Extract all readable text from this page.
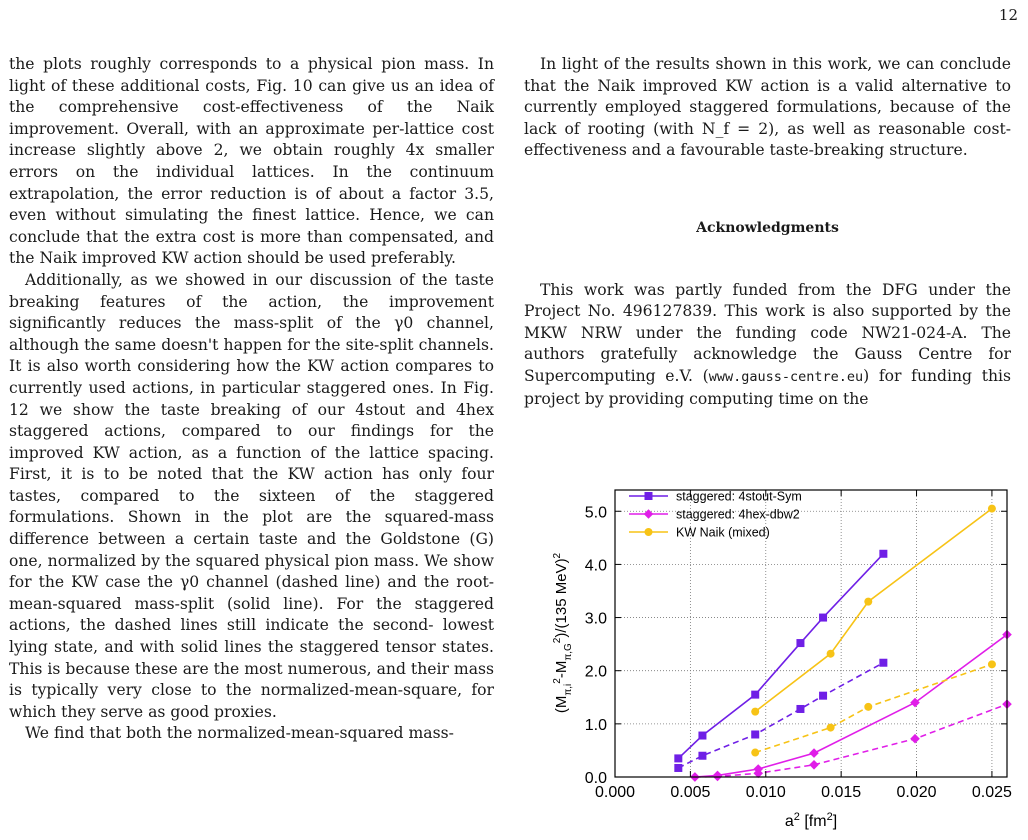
12

the plots roughly corresponds to a physical pion mass. In light of these additional costs, Fig. 10 can give us an idea of the comprehensive cost-effectiveness of the Naik improvement. Overall, with an approximate per-lattice cost increase slightly above 2, we obtain roughly 4x smaller errors on the individual lattices. In the continuum extrapolation, the error reduction is of about a factor 3.5, even without simulating the finest lattice. Hence, we can conclude that the extra cost is more than compensated, and the Naik improved KW action should be used preferably.

Additionally, as we showed in our discussion of the taste breaking features of the action, the improvement significantly reduces the mass-split of the γ0 channel, although the same doesn't happen for the site-split channels. It is also worth considering how the KW action compares to currently used actions, in particular staggered ones. In Fig. 12 we show the taste breaking of our 4stout and 4hex staggered actions, compared to our findings for the improved KW action, as a function of the lattice spacing. First, it is to be noted that the KW action has only four tastes, compared to the sixteen of the staggered formulations. Shown in the plot are the squared-mass difference between a certain taste and the Goldstone (G) one, normalized by the squared physical pion mass. We show for the KW case the γ0 channel (dashed line) and the root-mean-squared mass-split (solid line). For the staggered actions, the dashed lines still indicate the second- lowest lying state, and with solid lines the staggered tensor states. This is because these are the most numerous, and their mass is typically very close to the normalized-mean-square, for which they serve as good proxies.

We find that both the normalized-mean-squared mass-

In light of the results shown in this work, we can conclude that the Naik improved KW action is a valid alternative to currently employed staggered formulations, because of the lack of rooting (with N_f = 2), as well as reasonable cost-effectiveness and a favourable taste-breaking structure.

Acknowledgments

This work was partly funded from the DFG under the Project No. 496127839. This work is also supported by the MKW NRW under the funding code NW21-024-A. The authors gratefully acknowledge the Gauss Centre for Supercomputing e.V. (www.gauss-centre.eu) for funding this project by providing computing time on the

0.000 0.005 0.010 0.015 0.020 0.025
0.0
1.0
2.0
3.0
4.0
5.0
staggered: 4stout-Sym
staggered: 4hex-dbw2
KW Naik (mixed)
$a^2$ $[fm^2]$
$(M_{\pi,i}^2-M_{\pi,G}^2)/(135$ MeV)$^2$
